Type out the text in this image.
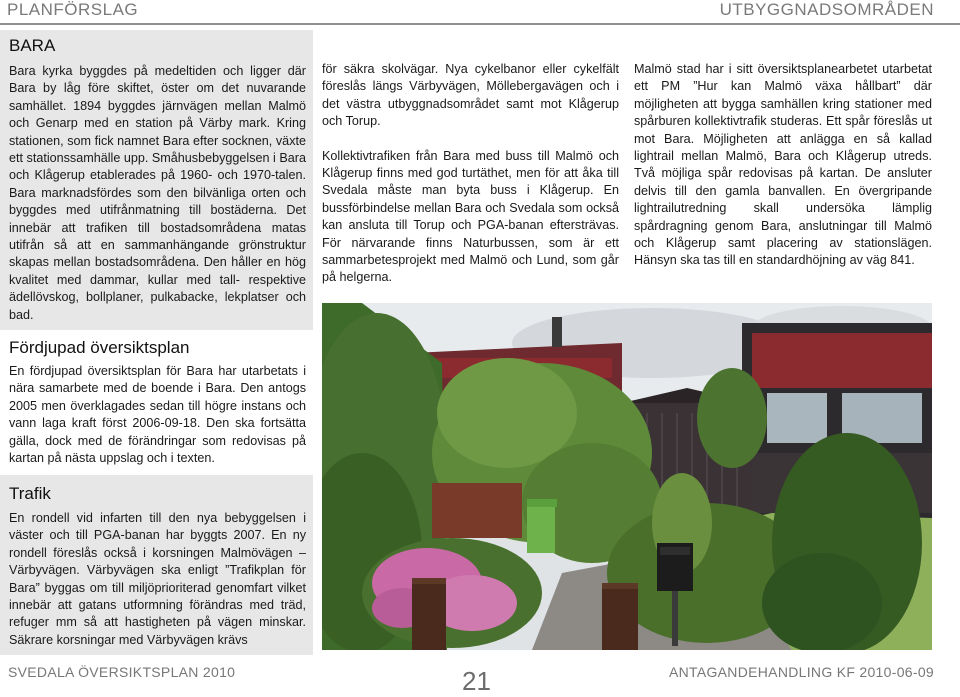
PLANFÖRSLAG	UTBYGGNADSOMRÅDEN
BARA

Bara kyrka byggdes på medeltiden och ligger där Bara by låg före skiftet, öster om det nuvarande samhället. 1894 byggdes järnvägen mellan Malmö och Genarp med en station på Värby mark. Kring stationen, som fick namnet Bara efter socknen, växte ett stationssamhälle upp. Småhusbebyggelsen i Bara och Klågerup etablerades på 1960- och 1970-talen. Bara marknadsfördes som den bilvänliga orten och byggdes med utifrånmatning till bostäderna. Det innebär att trafiken till bostadsområdena matas utifrån så att en sammanhängande grönstruktur skapas mellan bostadsområdena. Den håller en hög kvalitet med dammar, kullar med tall- respektive ädellövskog, bollplaner, pulkabacke, lekplatser och bad.

Fördjupad översiktsplan

En fördjupad översiktsplan för Bara har utarbetats i nära samarbete med de boende i Bara. Den antogs 2005 men överklagades sedan till högre instans och vann laga kraft först 2006-09-18. Den ska fortsätta gälla, dock med de förändringar som redovisas på kartan på nästa uppslag och i texten.

Trafik

En rondell vid infarten till den nya bebyggelsen i väster och till PGA-banan har byggts 2007. En ny rondell föreslås också i korsningen Malmövägen – Värbyvägen. Värbyvägen ska enligt ”Trafikplan för Bara” byggas om till miljöprioriterad genomfart vilket innebär att gatans utformning förändras med träd, refuger mm så att hastigheten på vägen minskar. Säkrare korsningar med Värbyvägen krävs

för säkra skolvägar. Nya cykelbanor eller cykelfält föreslås längs Värbyvägen, Möllebergavägen och i det västra utbyggnadsområdet samt mot Klågerup och Torup.

Kollektivtrafiken från Bara med buss till Malmö och Klågerup finns med god turtäthet, men för att åka till Svedala måste man byta buss i Klågerup. En bussförbindelse mellan Bara och Svedala som också kan ansluta till Torup och PGA-banan eftersträvas. För närvarande finns Naturbussen, som är ett sammarbetesprojekt med Malmö och Lund, som går på helgerna.

Malmö stad har i sitt översiktsplanearbetet utarbetat ett PM ”Hur kan Malmö växa hållbart” där möjligheten att bygga samhällen kring stationer med spårburen kollektivtrafik studeras. Ett spår föreslås ut mot Bara. Möjligheten att anlägga en så kallad lightrail mellan Malmö, Bara och Klågerup utreds. Två möjliga spår redovisas på kartan. De ansluter delvis till den gamla banvallen. En övergripande lightrailutredning skall undersöka lämplig spårdragning genom Bara, anslutningar till Malmö och Klågerup samt placering av stationslägen. Hänsyn ska tas till en standardhöjning av väg 841.

SVEDALA ÖVERSIKTSPLAN 2010	21	ANTAGANDEHANDLING KF 2010-06-09
